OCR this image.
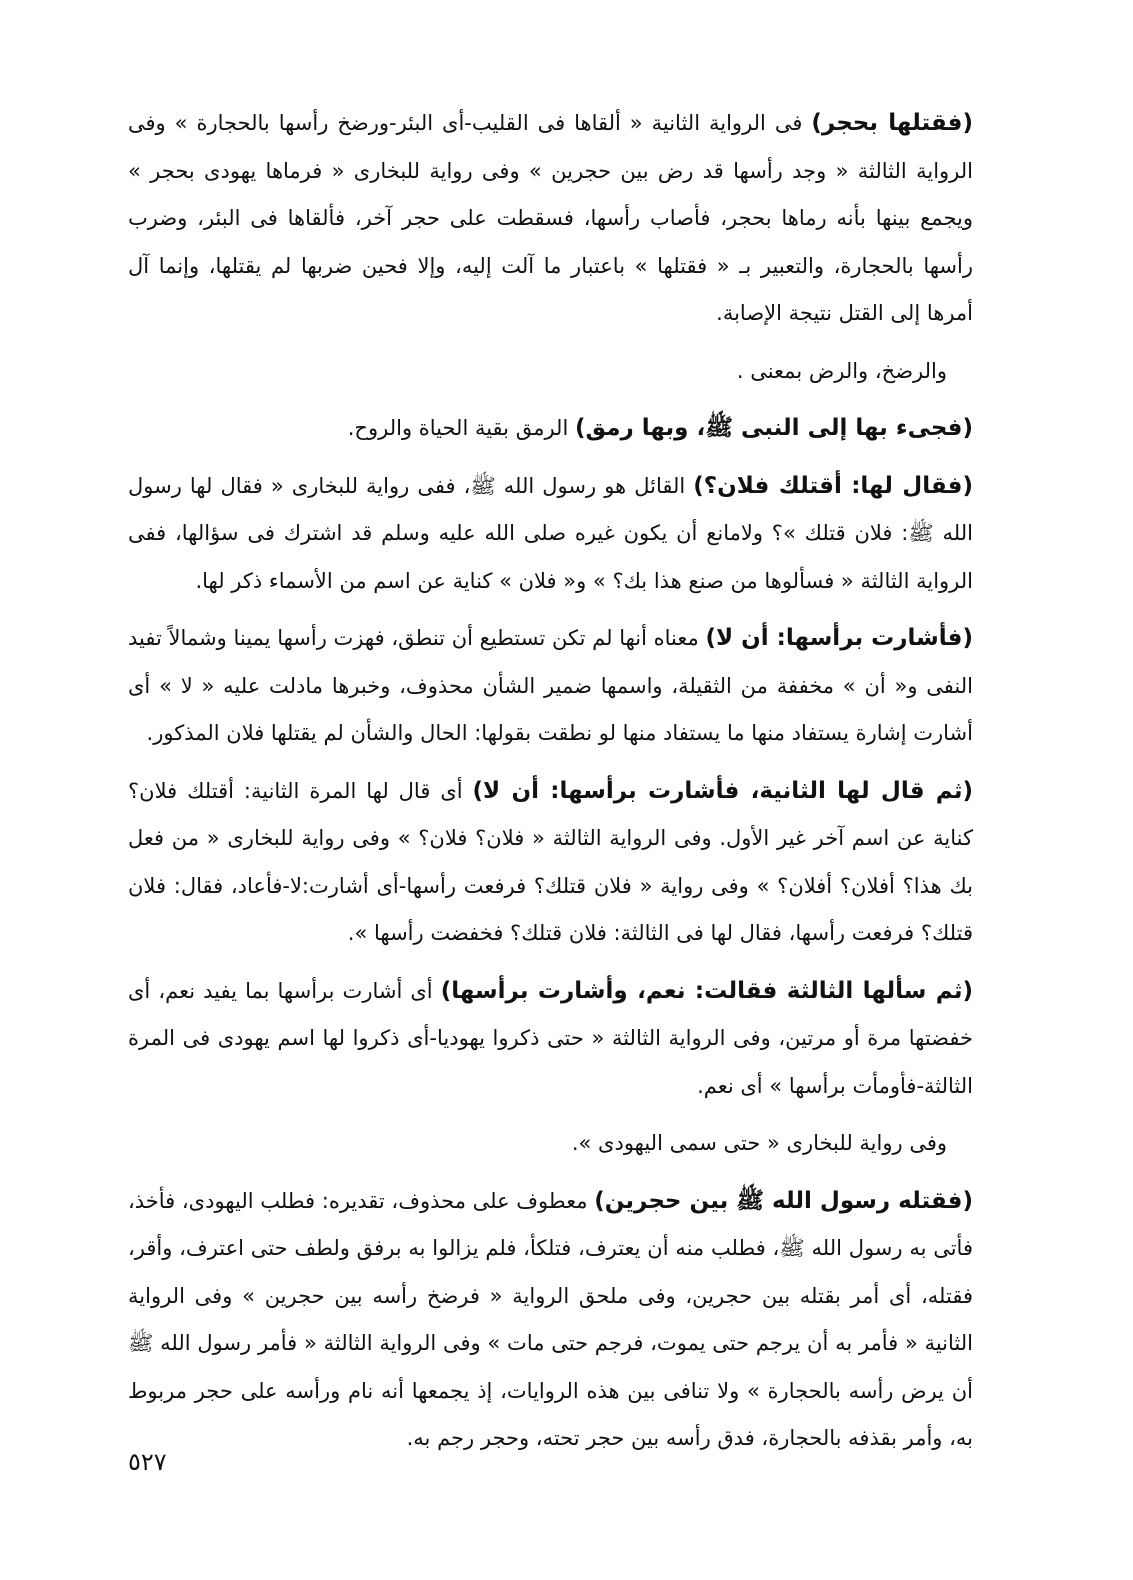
(فقتلها بحجر) فى الرواية الثانية « ألقاها فى القليب-أى البئر-ورضخ رأسها بالحجارة » وفى الرواية الثالثة « وجد رأسها قد رض بين حجرين » وفى رواية للبخارى « فرماها يهودى بحجر » ويجمع بينها بأنه رماها بحجر، فأصاب رأسها، فسقطت على حجر آخر، فألقاها فى البئر، وضرب رأسها بالحجارة، والتعبير بـ « فقتلها » باعتبار ما آلت إليه، وإلا فحين ضربها لم يقتلها، وإنما آل أمرها إلى القتل نتيجة الإصابة.

والرضخ، والرض بمعنى .

(فجىء بها إلى النبى ﷺ، وبها رمق) الرمق بقية الحياة والروح.

(فقال لها: أقتلك فلان؟) القائل هو رسول الله ﷺ، ففى رواية للبخارى « فقال لها رسول الله ﷺ: فلان قتلك »؟ ولامانع أن يكون غيره صلى الله عليه وسلم قد اشترك فى سؤالها، ففى الرواية الثالثة « فسألوها من صنع هذا بك؟ » و« فلان » كناية عن اسم من الأسماء ذكر لها.

(فأشارت برأسها: أن لا) معناه أنها لم تكن تستطيع أن تنطق، فهزت رأسها يمينا وشمالاً تفيد النفى و« أن » مخففة من الثقيلة، واسمها ضمير الشأن محذوف، وخبرها مادلت عليه « لا » أى أشارت إشارة يستفاد منها ما يستفاد منها لو نطقت بقولها: الحال والشأن لم يقتلها فلان المذكور.

(ثم قال لها الثانية، فأشارت برأسها: أن لا) أى قال لها المرة الثانية: أقتلك فلان؟ كناية عن اسم آخر غير الأول. وفى الرواية الثالثة « فلان؟ فلان؟ » وفى رواية للبخارى « من فعل بك هذا؟ أفلان؟ أفلان؟ » وفى رواية « فلان قتلك؟ فرفعت رأسها-أى أشارت:لا-فأعاد، فقال: فلان قتلك؟ فرفعت رأسها، فقال لها فى الثالثة: فلان قتلك؟ فخفضت رأسها ».

(ثم سألها الثالثة فقالت: نعم، وأشارت برأسها) أى أشارت برأسها بما يفيد نعم، أى خفضتها مرة أو مرتين، وفى الرواية الثالثة « حتى ذكروا يهوديا-أى ذكروا لها اسم يهودى فى المرة الثالثة-فأومأت برأسها » أى نعم.

وفى رواية للبخارى « حتى سمى اليهودى ».

(فقتله رسول الله ﷺ بين حجرين) معطوف على محذوف، تقديره: فطلب اليهودى، فأخذ، فأتى به رسول الله ﷺ، فطلب منه أن يعترف، فتلكأ، فلم يزالوا به برفق ولطف حتى اعترف، وأقر، فقتله، أى أمر بقتله بين حجرين، وفى ملحق الرواية « فرضخ رأسه بين حجرين » وفى الرواية الثانية « فأمر به أن يرجم حتى يموت، فرجم حتى مات » وفى الرواية الثالثة « فأمر رسول الله ﷺ أن يرض رأسه بالحجارة » ولا تنافى بين هذه الروايات، إذ يجمعها أنه نام ورأسه على حجر مربوط به، وأمر بقذفه بالحجارة، فدق رأسه بين حجر تحته، وحجر رجم به.

٥٢٧
